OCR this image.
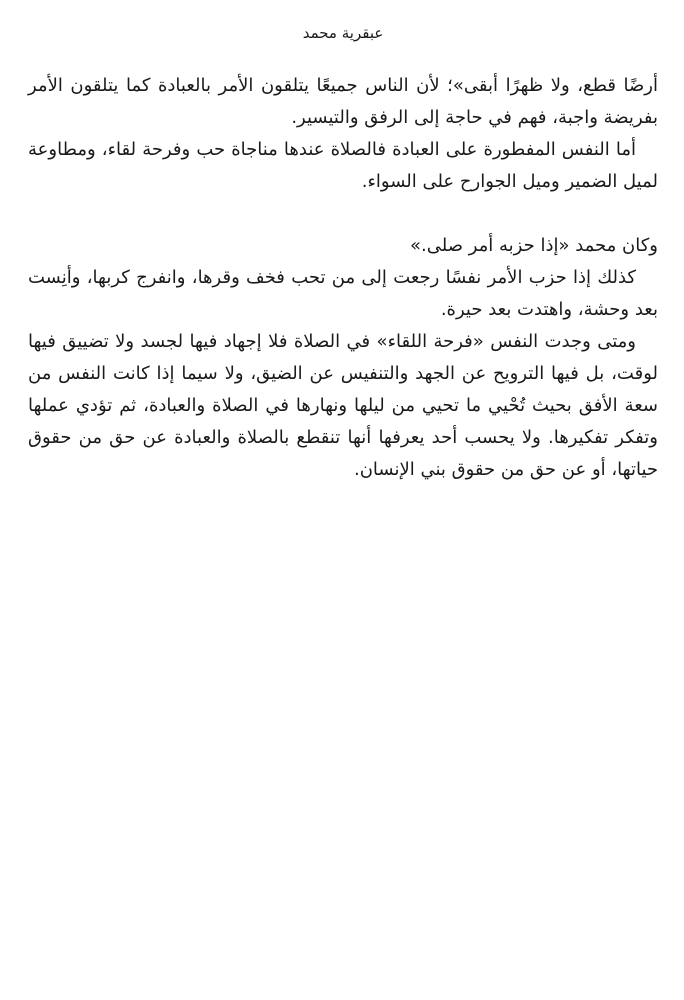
عبقرية محمد

أرضًا قطع، ولا ظهرًا أبقى»؛ لأن الناس جميعًا يتلقون الأمر بالعبادة كما يتلقون الأمر بفريضة واجبة، فهم في حاجة إلى الرفق والتيسير.

أما النفس المفطورة على العبادة فالصلاة عندها مناجاة حب وفرحة لقاء، ومطاوعة لميل الضمير وميل الجوارح على السواء.

وكان محمد «إذا حزبه أمر صلى.»

كذلك إذا حزب الأمر نفسًا رجعت إلى من تحب فخف وقرها، وانفرج كربها، وأنِست بعد وحشة، واهتدت بعد حيرة.

ومتى وجدت النفس «فرحة اللقاء» في الصلاة فلا إجهاد فيها لجسد ولا تضييق فيها لوقت، بل فيها الترويح عن الجهد والتنفيس عن الضيق، ولا سيما إذا كانت النفس من سعة الأفق بحيث تُحْيي ما تحيي من ليلها ونهارها في الصلاة والعبادة، ثم تؤدي عملها وتفكر تفكيرها. ولا يحسب أحد يعرفها أنها تنقطع بالصلاة والعبادة عن حق من حقوق حياتها، أو عن حق من حقوق بني الإنسان.
